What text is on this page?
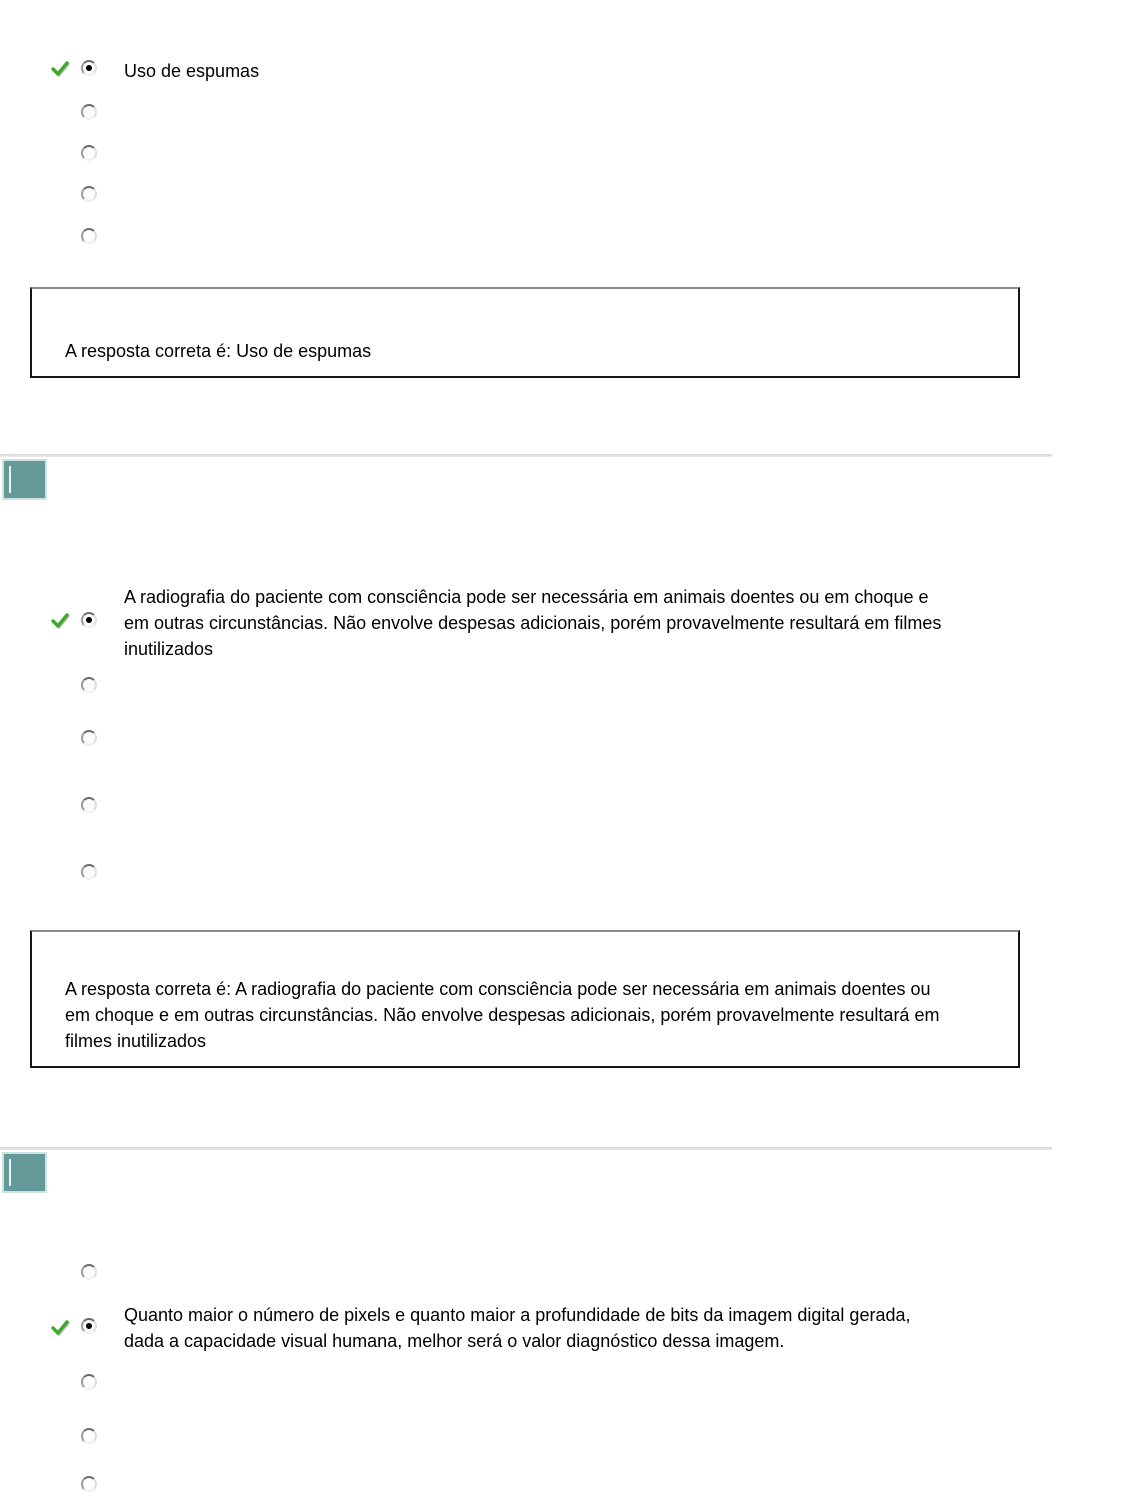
Uso de espumas
A resposta correta é: Uso de espumas
A radiografia do paciente com consciência pode ser necessária em animais doentes ou em choque e em outras circunstâncias. Não envolve despesas adicionais, porém provavelmente resultará em filmes inutilizados
A resposta correta é: A radiografia do paciente com consciência pode ser necessária em animais doentes ou em choque e em outras circunstâncias. Não envolve despesas adicionais, porém provavelmente resultará em filmes inutilizados
Quanto maior o número de pixels e quanto maior a profundidade de bits da imagem digital gerada, dada a capacidade visual humana, melhor será o valor diagnóstico dessa imagem.
